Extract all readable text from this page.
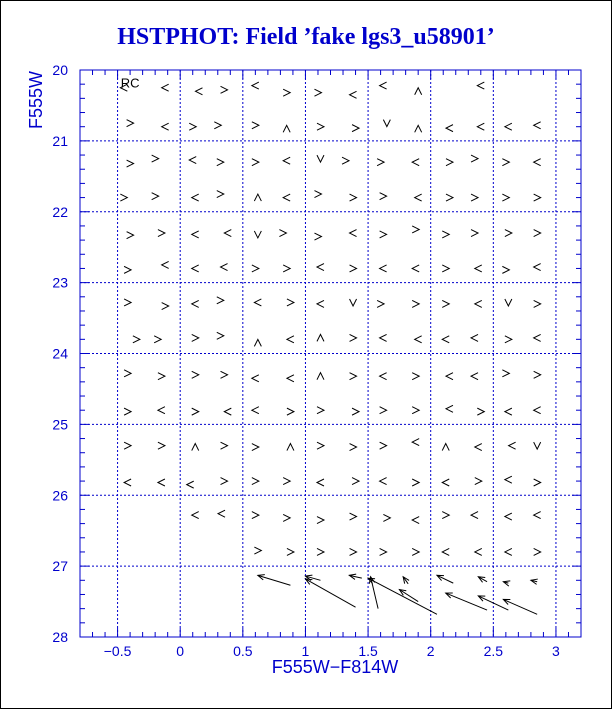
HSTPHOT: Field ’fake lgs3_u58901’
F555W
F555W−F814W
−0.5	0	0.5	1	1.5	2	2.5	3
20
21
22
23
24
25
26
27
28
RC
